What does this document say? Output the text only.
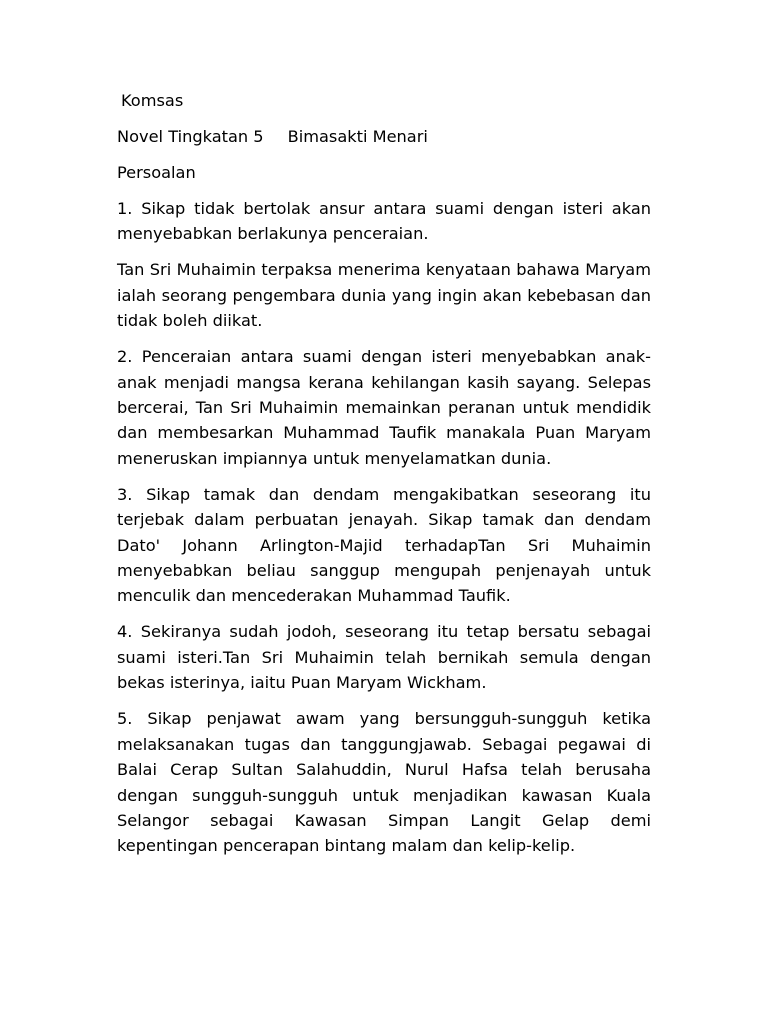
Komsas
Novel Tingkatan 5 Bimasakti Menari
Persoalan

1. Sikap tidak bertolak ansur antara suami dengan isteri akan menyebabkan berlakunya penceraian.

Tan Sri Muhaimin terpaksa menerima kenyataan bahawa Maryam ialah seorang pengembara dunia yang ingin akan kebebasan dan tidak boleh diikat.

2. Penceraian antara suami dengan isteri menyebabkan anak-anak menjadi mangsa kerana kehilangan kasih sayang. Selepas bercerai, Tan Sri Muhaimin memainkan peranan untuk mendidik dan membesarkan Muhammad Taufik manakala Puan Maryam meneruskan impiannya untuk menyelamatkan dunia.

3. Sikap tamak dan dendam mengakibatkan seseorang itu terjebak dalam perbuatan jenayah. Sikap tamak dan dendam Dato' Johann Arlington-Majid terhadapTan Sri Muhaimin menyebabkan beliau sanggup mengupah penjenayah untuk menculik dan mencederakan Muhammad Taufik.

4. Sekiranya sudah jodoh, seseorang itu tetap bersatu sebagai suami isteri.Tan Sri Muhaimin telah bernikah semula dengan bekas isterinya, iaitu Puan Maryam Wickham.

5. Sikap penjawat awam yang bersungguh-sungguh ketika melaksanakan tugas dan tanggungjawab. Sebagai pegawai di Balai Cerap Sultan Salahuddin, Nurul Hafsa telah berusaha dengan sungguh-sungguh untuk menjadikan kawasan Kuala Selangor sebagai Kawasan Simpan Langit Gelap demi kepentingan pencerapan bintang malam dan kelip-kelip.
